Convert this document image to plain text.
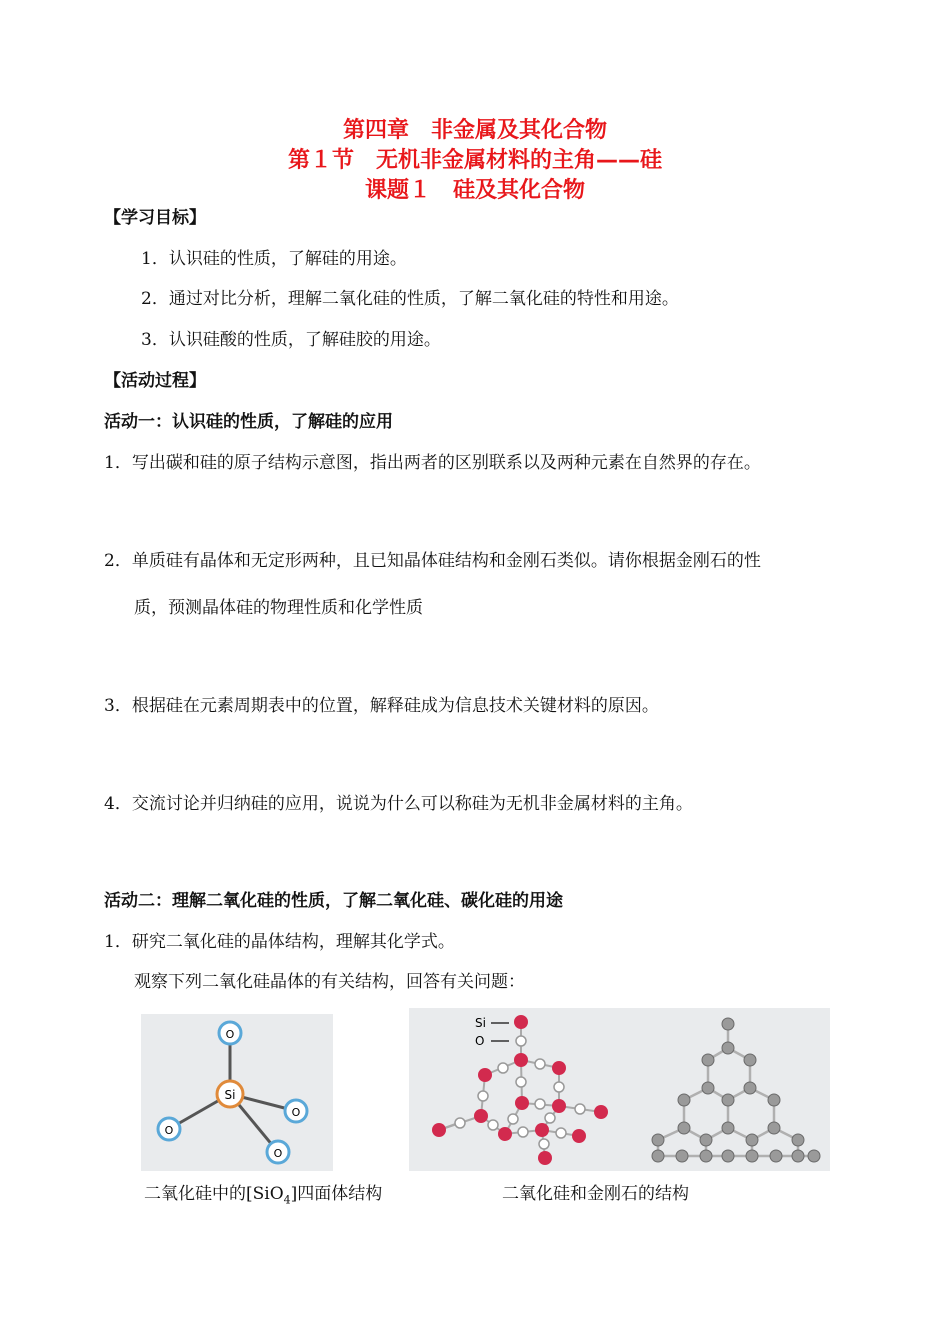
第四章　非金属及其化合物
第１节　无机非金属材料的主角——硅
课题１　硅及其化合物
【学习目标】
1．认识硅的性质，了解硅的用途。
2．通过对比分析，理解二氧化硅的性质，了解二氧化硅的特性和用途。
3．认识硅酸的性质，了解硅胶的用途。
【活动过程】
活动一：认识硅的性质，了解硅的应用
1．写出碳和硅的原子结构示意图，指出两者的区别联系以及两种元素在自然界的存在。
2．单质硅有晶体和无定形两种，且已知晶体硅结构和金刚石类似。请你根据金刚石的性
质，预测晶体硅的物理性质和化学性质
3．根据硅在元素周期表中的位置，解释硅成为信息技术关键材料的原因。
4．交流讨论并归纳硅的应用，说说为什么可以称硅为无机非金属材料的主角。
活动二：理解二氧化硅的性质，了解二氧化硅、碳化硅的用途
1．研究二氧化硅的晶体结构，理解其化学式。
观察下列二氧化硅晶体的有关结构，回答有关问题：
Si
O
O
O
O
Si
O
二氧化硅中的[SiO$_4$]四面体结构	二氧化硅和金刚石的结构
